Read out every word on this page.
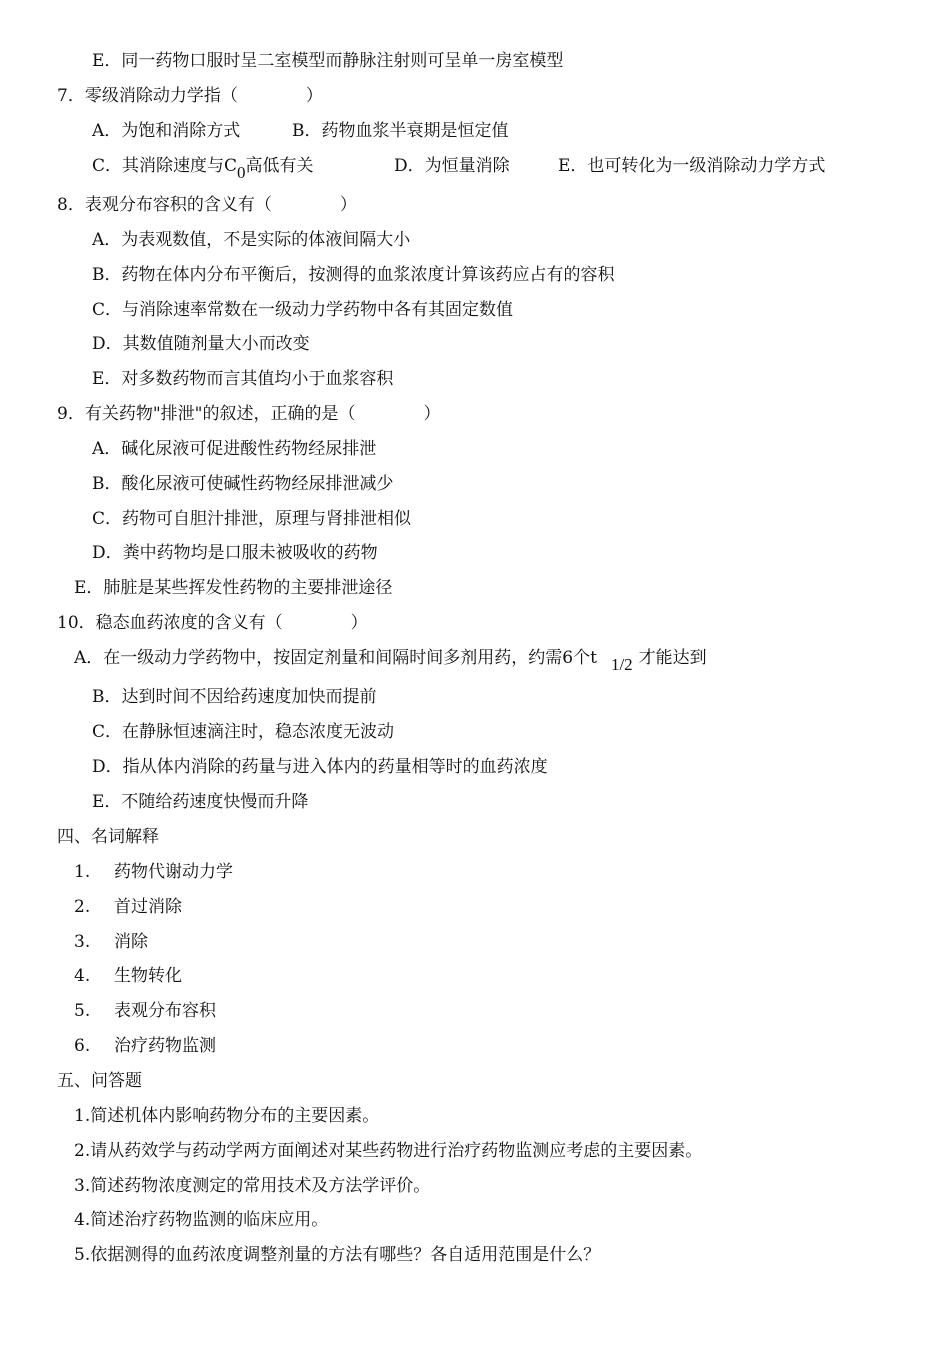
E．同一药物口服时呈二室模型而静脉注射则可呈单一房室模型
7．零级消除动力学指（　　　　）
A．为饱和消除方式	B．药物血浆半衰期是恒定值
C．其消除速度与C0高低有关	D．为恒量消除	E．也可转化为一级消除动力学方式
8．表观分布容积的含义有（　　　　）
A．为表观数值，不是实际的体液间隔大小
B．药物在体内分布平衡后，按测得的血浆浓度计算该药应占有的容积
C．与消除速率常数在一级动力学药物中各有其固定数值
D．其数值随剂量大小而改变
E．对多数药物而言其值均小于血浆容积
9．有关药物"排泄"的叙述，正确的是（　　　　）
A．碱化尿液可促进酸性药物经尿排泄
B．酸化尿液可使碱性药物经尿排泄减少
C．药物可自胆汁排泄，原理与肾排泄相似
D．粪中药物均是口服未被吸收的药物
E．肺脏是某些挥发性药物的主要排泄途径
10．稳态血药浓度的含义有（　　　　）
A．在一级动力学药物中，按固定剂量和间隔时间多剂用药，约需6个t 1/2 才能达到
B．达到时间不因给药速度加快而提前
C．在静脉恒速滴注时，稳态浓度无波动
D．指从体内消除的药量与进入体内的药量相等时的血药浓度
E．不随给药速度快慢而升降
四、名词解释
1. 药物代谢动力学
2. 首过消除
3. 消除
4. 生物转化
5. 表观分布容积
6. 治疗药物监测
五、问答题
1.简述机体内影响药物分布的主要因素。
2.请从药效学与药动学两方面阐述对某些药物进行治疗药物监测应考虑的主要因素。
3.简述药物浓度测定的常用技术及方法学评价。
4.简述治疗药物监测的临床应用。
5.依据测得的血药浓度调整剂量的方法有哪些？各自适用范围是什么？
